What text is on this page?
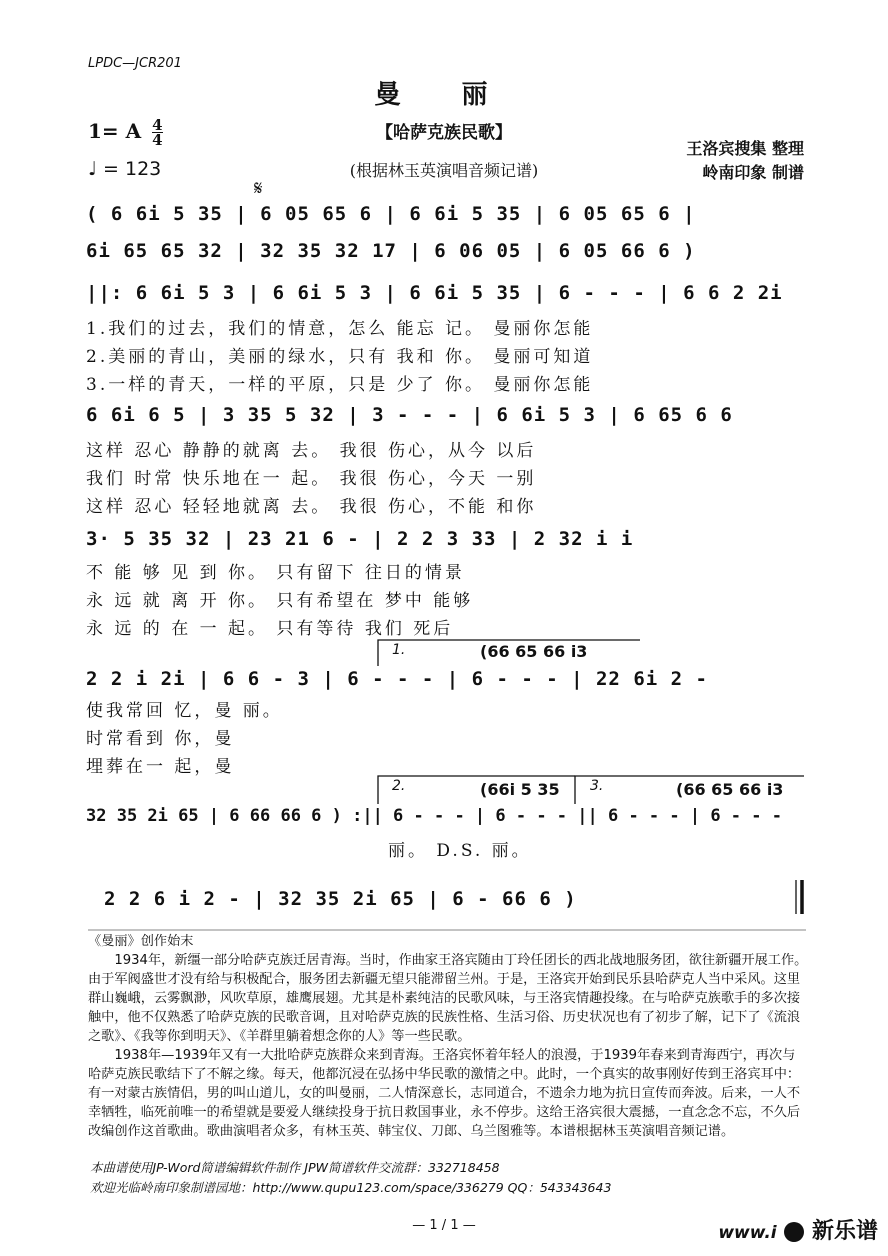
LPDC—JCR201
曼 丽
1= A $\frac{4}{4}$
♩ = 123
【哈萨克族民歌】
(根据林玉英演唱音频记谱)
王洛宾搜集 整理
岭南印象 制谱
𝄋
( 6 6i 5 35 | 6 05 65 6 | 6 6i 5 35 | 6 05 65 6 |
6i 65 65 32 | 32 35 32 17 | 6 06 05 | 6 05 66 6 )
||: 6 6i 5 3 | 6 6i 5 3 | 6 6i 5 35 | 6 - - - | 6 6 2 2i
1.我们的过去，我们的情意，怎么 能忘 记。 曼丽你怎能
2.美丽的青山，美丽的绿水，只有 我和 你。 曼丽可知道
3.一样的青天，一样的平原，只是 少了 你。 曼丽你怎能
6 6i 6 5 | 3 35 5 32 | 3 - - - | 6 6i 5 3 | 6 65 6 6
这样 忍心 静静的就离 去。 我很 伤心，从今 以后
我们 时常 快乐地在一 起。 我很 伤心，今天 一别
这样 忍心 轻轻地就离 去。 我很 伤心，不能 和你
3· 5 35 32 | 23 21 6 - | 2 2 3 33 | 2 32 i i
不 能 够 见 到 你。 只有留下 往日的情景
永 远 就 离 开 你。 只有希望在 梦中 能够
永 远 的 在 一 起。 只有等待 我们 死后
1.	(66 65 66 i3
2 2 i 2i | 6 6 - 3 | 6 - - - | 6 - - - | 22 6i 2 -
使我常回 忆，曼 丽。
时常看到 你，曼
埋葬在一 起，曼
2.	(66i 5 35 3.	(66 65 66 i3
32 35 2i 65 | 6 66 66 6 ) :|| 6 - - - | 6 - - - || 6 - - - | 6 - - -
丽。 D.S. 丽。
2 2 6 i 2 - | 32 35 2i 65 | 6 - 66 6 )

《曼丽》创作始末

1934年，新缰一部分哈萨克族迁居青海。当时，作曲家王洛宾随由丁玲任团长的西北战地服务团，欲往新疆开展工作。由于军阀盛世才没有给与积极配合，服务团去新疆无望只能滞留兰州。于是，王洛宾开始到民乐县哈萨克人当中采风。这里群山巍峨，云雾飘渺，风吹草原，雄鹰展翅。尤其是朴素纯洁的民歌风味，与王洛宾情趣投缘。在与哈萨克族歌手的多次接触中，他不仅熟悉了哈萨克族的民歌音调，且对哈萨克族的民族性格、生活习俗、历史状况也有了初步了解，记下了《流浪之歌》、《我等你到明天》、《羊群里躺着想念你的人》等一些民歌。

1938年—1939年又有一大批哈萨克族群众来到青海。王洛宾怀着年轻人的浪漫，于1939年春来到青海西宁，再次与哈萨克族民歌结下了不解之缘。每天，他都沉浸在弘扬中华民歌的激情之中。此时，一个真实的故事刚好传到王洛宾耳中：有一对蒙古族情侣，男的叫山道儿，女的叫曼丽，二人情深意长，志同道合，不遗余力地为抗日宣传而奔波。后来，一人不幸牺牲，临死前唯一的希望就是要爱人继续投身于抗日救国事业，永不停步。这给王洛宾很大震撼，一直念念不忘，不久后改编创作这首歌曲。歌曲演唱者众多，有林玉英、韩宝仪、刀郎、乌兰图雅等。本谱根据林玉英演唱音频记谱。

本曲谱使用JP-Word简谱编辑软件制作 JPW简谱软件交流群：332718458
欢迎光临岭南印象制谱园地：http://www.qupu123.com/space/336279 QQ：543343643
— 1 / 1 —	www.i 新乐谱
